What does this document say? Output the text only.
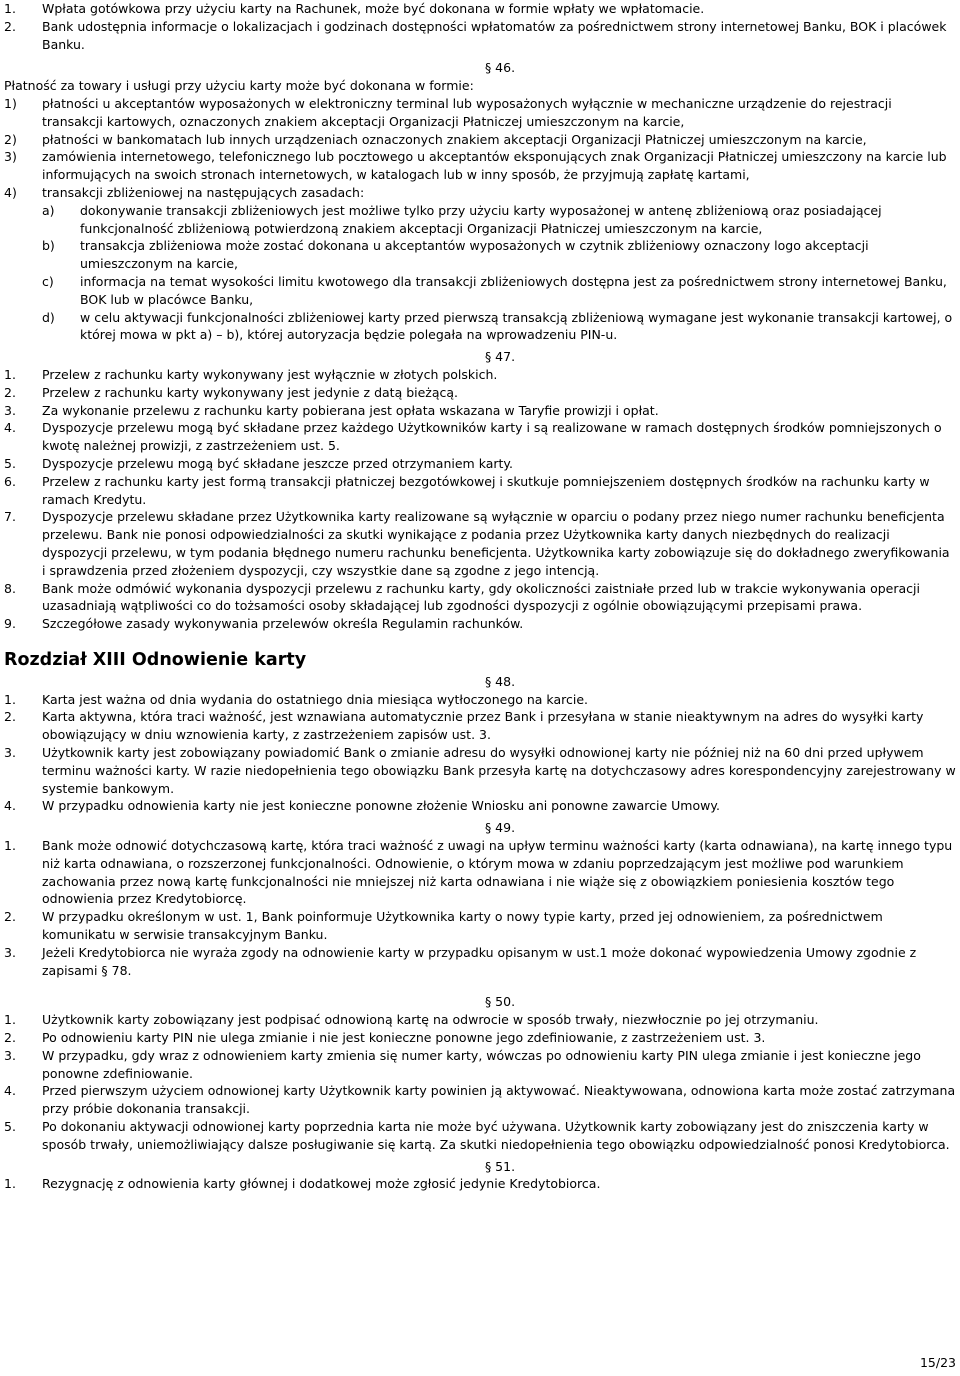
1.	Wpłata gotówkowa przy użyciu karty na Rachunek, może być dokonana w formie wpłaty we wpłatomacie.
2.	Bank udostępnia informacje o lokalizacjach i godzinach dostępności wpłatomatów za pośrednictwem strony internetowej Banku, BOK i placówek Banku.

§ 46.

Płatność za towary i usługi przy użyciu karty może być dokonana w formie:

1)	płatności u akceptantów wyposażonych w elektroniczny terminal lub wyposażonych wyłącznie w mechaniczne urządzenie do rejestracji transakcji kartowych, oznaczonych znakiem akceptacji Organizacji Płatniczej umieszczonym na karcie,
2)	płatności w bankomatach lub innych urządzeniach oznaczonych znakiem akceptacji Organizacji Płatniczej umieszczonym na karcie,
3)	zamówienia internetowego, telefonicznego lub pocztowego u akceptantów eksponujących znak Organizacji Płatniczej umieszczony na karcie lub informujących na swoich stronach internetowych, w katalogach lub w inny sposób, że przyjmują zapłatę kartami,
4)	transakcji zbliżeniowej na następujących zasadach:
a)	dokonywanie transakcji zbliżeniowych jest możliwe tylko przy użyciu karty wyposażonej w antenę zbliżeniową oraz posiadającej funkcjonalność zbliżeniową potwierdzoną znakiem akceptacji Organizacji Płatniczej umieszczonym na karcie,
b)	transakcja zbliżeniowa może zostać dokonana u akceptantów wyposażonych w czytnik zbliżeniowy oznaczony logo akceptacji umieszczonym na karcie,
c)	informacja na temat wysokości limitu kwotowego dla transakcji zbliżeniowych dostępna jest za pośrednictwem strony internetowej Banku, BOK lub w placówce Banku,
d)	w celu aktywacji funkcjonalności zbliżeniowej karty przed pierwszą transakcją zbliżeniową wymagane jest wykonanie transakcji kartowej, o której mowa w pkt a) – b), której autoryzacja będzie polegała na wprowadzeniu PIN-u.

§ 47.

1.	Przelew z rachunku karty wykonywany jest wyłącznie w złotych polskich.
2.	Przelew z rachunku karty wykonywany jest jedynie z datą bieżącą.
3.	Za wykonanie przelewu z rachunku karty pobierana jest opłata wskazana w Taryfie prowizji i opłat.
4.	Dyspozycje przelewu mogą być składane przez każdego Użytkowników karty i są realizowane w ramach dostępnych środków pomniejszonych o kwotę należnej prowizji, z zastrzeżeniem ust. 5.
5.	Dyspozycje przelewu mogą być składane jeszcze przed otrzymaniem karty.
6.	Przelew z rachunku karty jest formą transakcji płatniczej bezgotówkowej i skutkuje pomniejszeniem dostępnych środków na rachunku karty w ramach Kredytu.
7.	Dyspozycje przelewu składane przez Użytkownika karty realizowane są wyłącznie w oparciu o podany przez niego numer rachunku beneficjenta przelewu. Bank nie ponosi odpowiedzialności za skutki wynikające z podania przez Użytkownika karty danych niezbędnych do realizacji dyspozycji przelewu, w tym podania błędnego numeru rachunku beneficjenta. Użytkownika karty zobowiązuje się do dokładnego zweryfikowania i sprawdzenia przed złożeniem dyspozycji, czy wszystkie dane są zgodne z jego intencją.
8.	Bank może odmówić wykonania dyspozycji przelewu z rachunku karty, gdy okoliczności zaistniałe przed lub w trakcie wykonywania operacji uzasadniają wątpliwości co do tożsamości osoby składającej lub zgodności dyspozycji z ogólnie obowiązującymi przepisami prawa.
9.	Szczegółowe zasady wykonywania przelewów określa Regulamin rachunków.
Rozdział XIII Odnowienie karty

§ 48.

1.	Karta jest ważna od dnia wydania do ostatniego dnia miesiąca wytłoczonego na karcie.
2.	Karta aktywna, która traci ważność, jest wznawiana automatycznie przez Bank i przesyłana w stanie nieaktywnym na adres do wysyłki karty obowiązujący w dniu wznowienia karty, z zastrzeżeniem zapisów ust. 3.
3.	Użytkownik karty jest zobowiązany powiadomić Bank o zmianie adresu do wysyłki odnowionej karty nie później niż na 60 dni przed upływem terminu ważności karty. W razie niedopełnienia tego obowiązku Bank przesyła kartę na dotychczasowy adres korespondencyjny zarejestrowany w systemie bankowym.
4.	W przypadku odnowienia karty nie jest konieczne ponowne złożenie Wniosku ani ponowne zawarcie Umowy.

§ 49.

1.	Bank może odnowić dotychczasową kartę, która traci ważność z uwagi na upływ terminu ważności karty (karta odnawiana), na kartę innego typu niż karta odnawiana, o rozszerzonej funkcjonalności. Odnowienie, o którym mowa w zdaniu poprzedzającym jest możliwe pod warunkiem zachowania przez nową kartę funkcjonalności nie mniejszej niż karta odnawiana i nie wiąże się z obowiązkiem poniesienia kosztów tego odnowienia przez Kredytobiorcę.
2.	W przypadku określonym w ust. 1, Bank poinformuje Użytkownika karty o nowy typie karty, przed jej odnowieniem, za pośrednictwem komunikatu w serwisie transakcyjnym Banku.
3.	Jeżeli Kredytobiorca nie wyraża zgody na odnowienie karty w przypadku opisanym w ust.1 może dokonać wypowiedzenia Umowy zgodnie z zapisami § 78.

§ 50.

1.	Użytkownik karty zobowiązany jest podpisać odnowioną kartę na odwrocie w sposób trwały, niezwłocznie po jej otrzymaniu.
2.	Po odnowieniu karty PIN nie ulega zmianie i nie jest konieczne ponowne jego zdefiniowanie, z zastrzeżeniem ust. 3.
3.	W przypadku, gdy wraz z odnowieniem karty zmienia się numer karty, wówczas po odnowieniu karty PIN ulega zmianie i jest konieczne jego ponowne zdefiniowanie.
4.	Przed pierwszym użyciem odnowionej karty Użytkownik karty powinien ją aktywować. Nieaktywowana, odnowiona karta może zostać zatrzymana przy próbie dokonania transakcji.
5.	Po dokonaniu aktywacji odnowionej karty poprzednia karta nie może być używana. Użytkownik karty zobowiązany jest do zniszczenia karty w sposób trwały, uniemożliwiający dalsze posługiwanie się kartą. Za skutki niedopełnienia tego obowiązku odpowiedzialność ponosi Kredytobiorca.

§ 51.

1.	Rezygnację z odnowienia karty głównej i dodatkowej może zgłosić jedynie Kredytobiorca.
15/23
